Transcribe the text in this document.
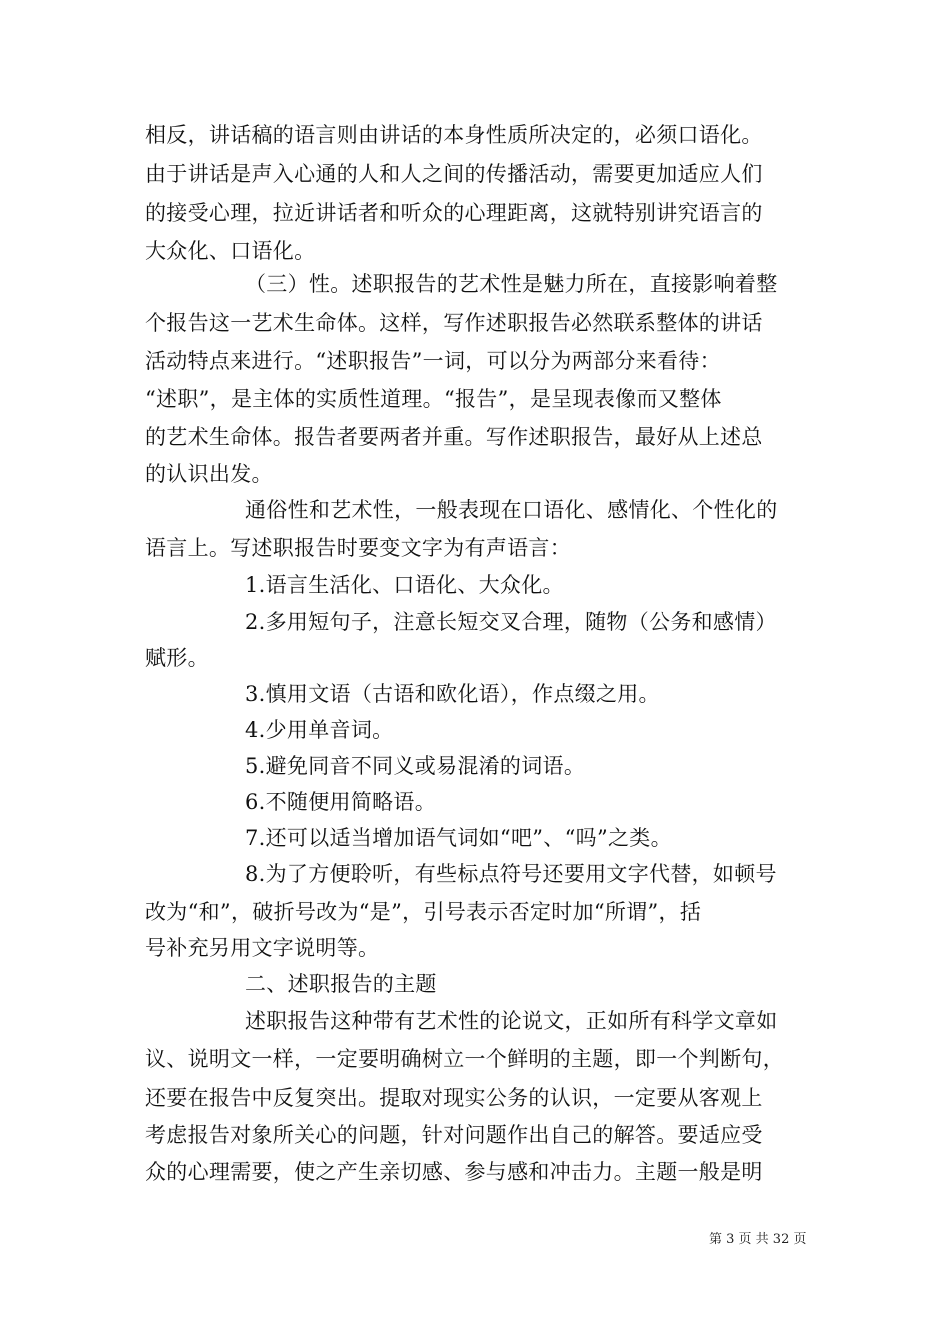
相反，讲话稿的语言则由讲话的本身性质所决定的，必须口语化。
由于讲话是声入心通的人和人之间的传播活动，需要更加适应人们
的接受心理，拉近讲话者和听众的心理距离，这就特别讲究语言的
大众化、口语化。
（三）性。述职报告的艺术性是魅力所在，直接影响着整
个报告这一艺术生命体。这样，写作述职报告必然联系整体的讲话
活动特点来进行。“述职报告”一词，可以分为两部分来看待：
“述职”，是主体的实质性道理。“报告”，是呈现表像而又整体
的艺术生命体。报告者要两者并重。写作述职报告，最好从上述总
的认识出发。
通俗性和艺术性，一般表现在口语化、感情化、个性化的
语言上。写述职报告时要变文字为有声语言：
1.语言生活化、口语化、大众化。
2.多用短句子，注意长短交叉合理，随物（公务和感情）
赋形。
3.慎用文语（古语和欧化语），作点缀之用。
4.少用单音词。
5.避免同音不同义或易混淆的词语。
6.不随便用简略语。
7.还可以适当增加语气词如“吧”、“吗”之类。
8.为了方便聆听，有些标点符号还要用文字代替，如顿号
改为“和”，破折号改为“是”，引号表示否定时加“所谓”，括
号补充另用文字说明等。
二、述职报告的主题
述职报告这种带有艺术性的论说文，正如所有科学文章如
议、说明文一样，一定要明确树立一个鲜明的主题，即一个判断句，
还要在报告中反复突出。提取对现实公务的认识，一定要从客观上
考虑报告对象所关心的问题，针对问题作出自己的解答。要适应受
众的心理需要，使之产生亲切感、参与感和冲击力。主题一般是明
第 3 页 共 32 页
